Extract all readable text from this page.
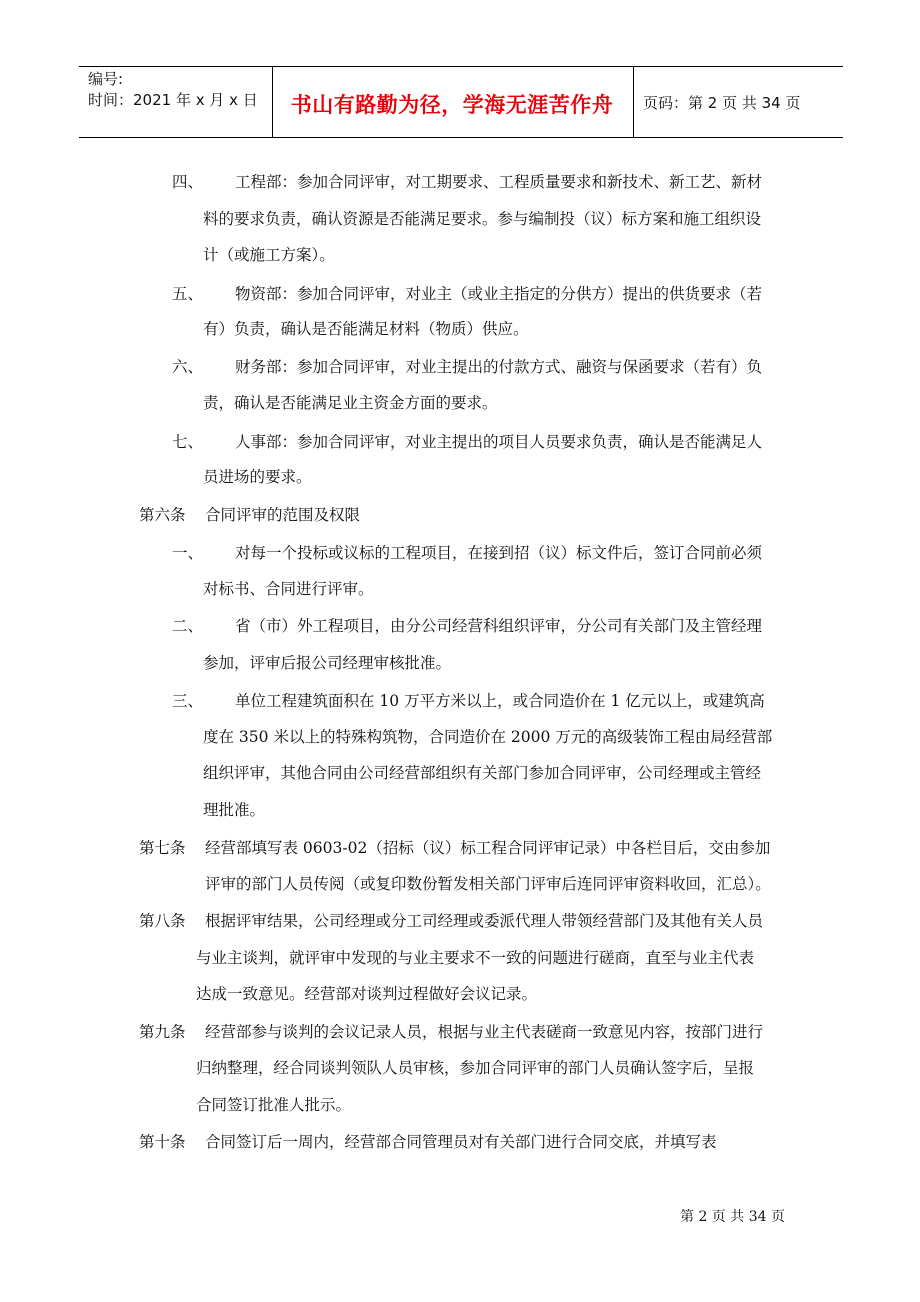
编号:
时间：2021 年 x 月 x 日	书山有路勤为径，学海无涯苦作舟	页码：第 2 页 共 34 页
四、 工程部：参加合同评审，对工期要求、工程质量要求和新技术、新工艺、新材
料的要求负责，确认资源是否能满足要求。参与编制投（议）标方案和施工组织设
计（或施工方案）。
五、 物资部：参加合同评审，对业主（或业主指定的分供方）提出的供货要求（若
有）负责，确认是否能满足材料（物质）供应。
六、 财务部：参加合同评审，对业主提出的付款方式、融资与保函要求（若有）负
责，确认是否能满足业主资金方面的要求。
七、 人事部：参加合同评审，对业主提出的项目人员要求负责，确认是否能满足人
员进场的要求。
第六条 合同评审的范围及权限
一、 对每一个投标或议标的工程项目，在接到招（议）标文件后，签订合同前必须
对标书、合同进行评审。
二、 省（市）外工程项目，由分公司经营科组织评审，分公司有关部门及主管经理
参加，评审后报公司经理审核批准。
三、 单位工程建筑面积在 10 万平方米以上，或合同造价在 1 亿元以上，或建筑高
度在 350 米以上的特殊构筑物，合同造价在 2000 万元的高级装饰工程由局经营部
组织评审，其他合同由公司经营部组织有关部门参加合同评审，公司经理或主管经
理批准。
第七条 经营部填写表 0603-02（招标（议）标工程合同评审记录）中各栏目后，交由参加
评审的部门人员传阅（或复印数份暂发相关部门评审后连同评审资料收回，汇总）。
第八条 根据评审结果，公司经理或分工司经理或委派代理人带领经营部门及其他有关人员
与业主谈判，就评审中发现的与业主要求不一致的问题进行磋商，直至与业主代表
达成一致意见。经营部对谈判过程做好会议记录。
第九条 经营部参与谈判的会议记录人员，根据与业主代表磋商一致意见内容，按部门进行
归纳整理，经合同谈判领队人员审核，参加合同评审的部门人员确认签字后，呈报
合同签订批准人批示。
第十条 合同签订后一周内，经营部合同管理员对有关部门进行合同交底，并填写表
第 2 页 共 34 页
